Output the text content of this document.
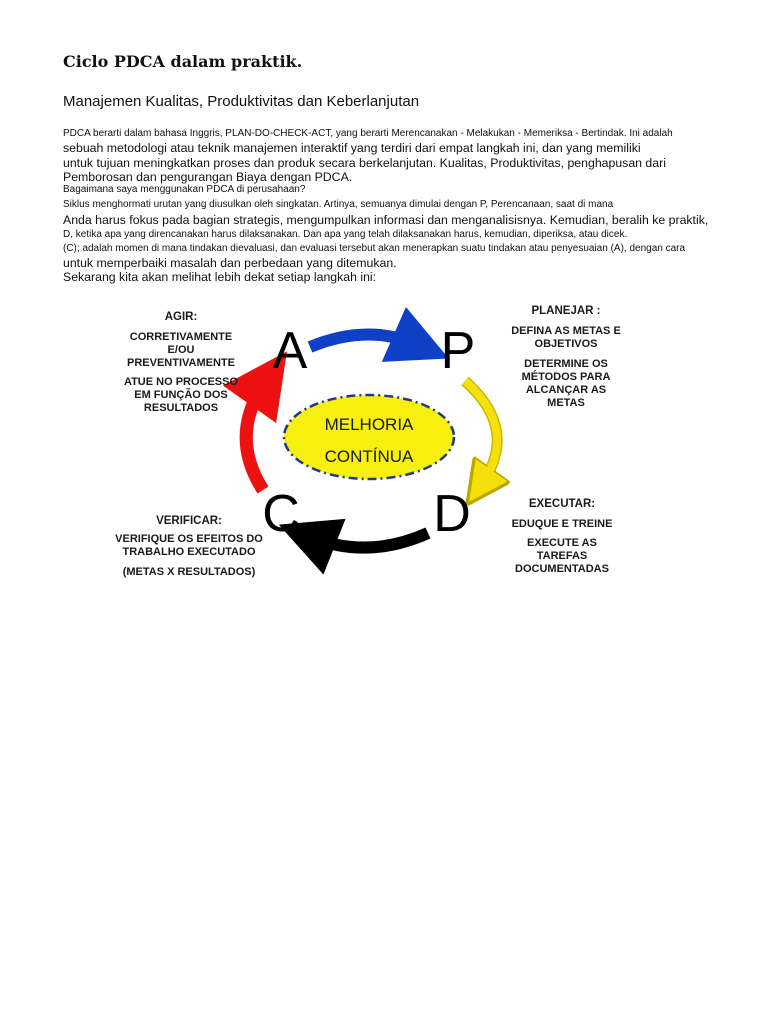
Ciclo PDCA dalam praktik.

Manajemen Kualitas, Produktivitas dan Keberlanjutan

PDCA berarti dalam bahasa Inggris, PLAN-DO-CHECK-ACT, yang berarti Merencanakan - Melakukan - Memeriksa - Bertindak. Ini adalah

sebuah metodologi atau teknik manajemen interaktif yang terdiri dari empat langkah ini, dan yang memiliki

untuk tujuan meningkatkan proses dan produk secara berkelanjutan. Kualitas, Produktivitas, penghapusan dari

Pemborosan dan pengurangan Biaya dengan PDCA.

Bagaimana saya menggunakan PDCA di perusahaan?

Siklus menghormati urutan yang diusulkan oleh singkatan. Artinya, semuanya dimulai dengan P, Perencanaan, saat di mana

Anda harus fokus pada bagian strategis, mengumpulkan informasi dan menganalisisnya. Kemudian, beralih ke praktik,

D, ketika apa yang direncanakan harus dilaksanakan. Dan apa yang telah dilaksanakan harus, kemudian, diperiksa, atau dicek.

(C); adalah momen di mana tindakan dievaluasi, dan evaluasi tersebut akan menerapkan suatu tindakan atau penyesuaian (A), dengan cara

untuk memperbaiki masalah dan perbedaan yang ditemukan.

Sekarang kita akan melihat lebih dekat setiap langkah ini:

MELHORIA
CONTÍNUA
A	P
C	D
AGIR:
CORRETIVAMENTE
E/OU
PREVENTIVAMENTE
ATUE NO PROCESSO
EM FUNÇÃO DOS
RESULTADOS
PLANEJAR :
DEFINA AS METAS E
OBJETIVOS
DETERMINE OS
MÉTODOS PARA
ALCANÇAR AS
METAS
VERIFICAR:
VERIFIQUE OS EFEITOS DO
TRABALHO EXECUTADO
(METAS X RESULTADOS)
EXECUTAR:
EDUQUE E TREINE
EXECUTE AS
TAREFAS
DOCUMENTADAS
